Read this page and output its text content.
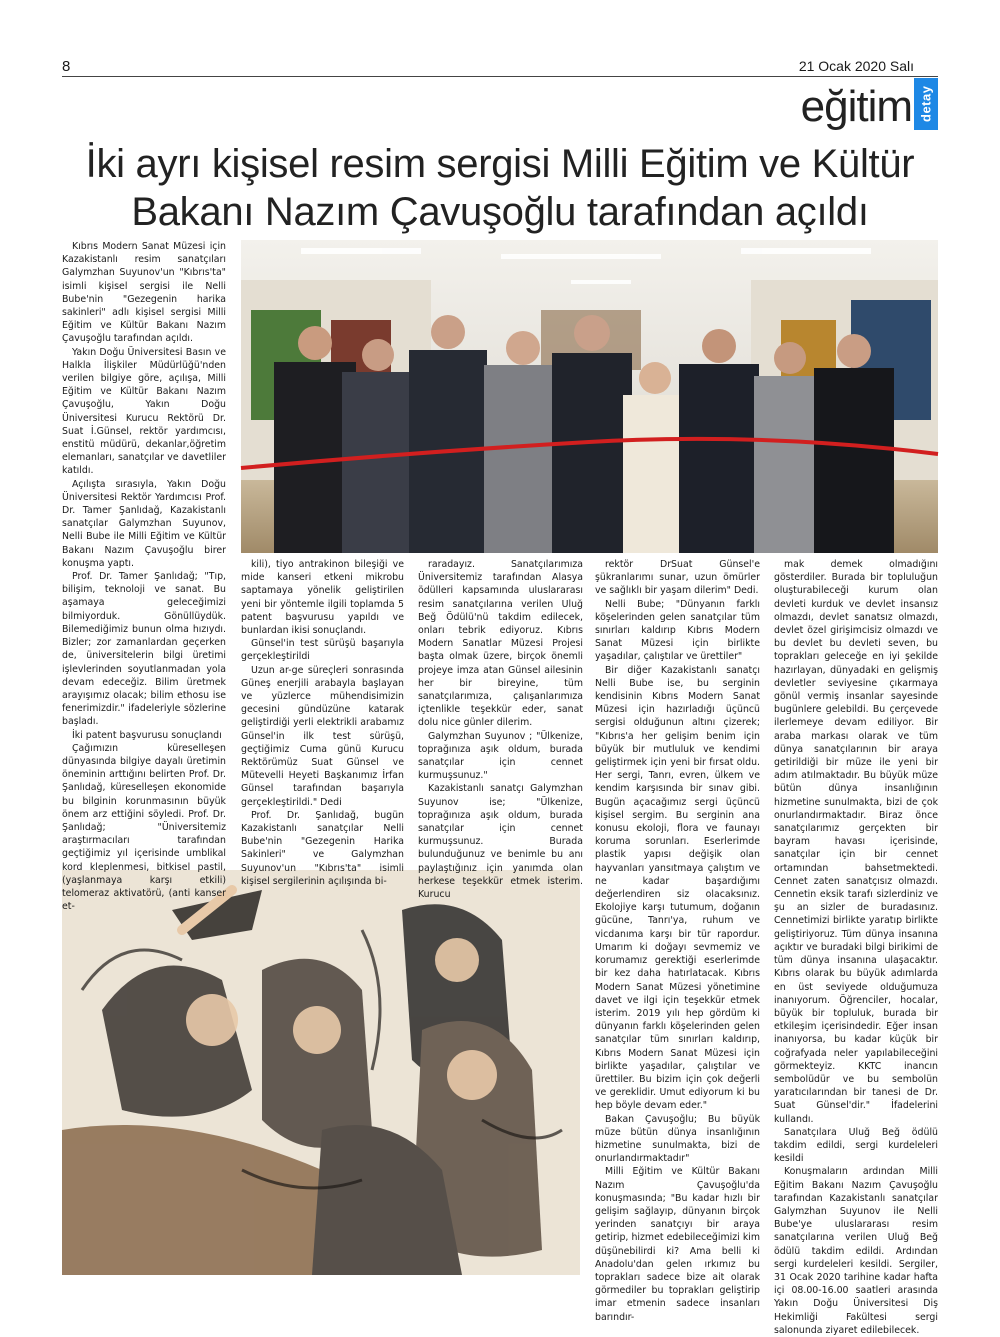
8	21 Ocak 2020 Salı
eğitim detay
İki ayrı kişisel resim sergisi Milli Eğitim ve Kültür
Bakanı Nazım Çavuşoğlu tarafından açıldı

Kıbrıs Modern Sanat Müzesi için Kazakistanlı resim sanatçıları Galymzhan Suyunov'un "Kıbrıs'ta" isimli kişisel sergisi ile Nelli Bube'nin "Gezegenin harika sakinleri" adlı kişisel sergisi Milli Eğitim ve Kültür Bakanı Nazım Çavuşoğlu tarafından açıldı.

Yakın Doğu Üniversitesi Basın ve Halkla İlişkiler Müdürlüğü'nden verilen bilgiye göre, açılışa, Milli Eğitim ve Kültür Bakanı Nazım Çavuşoğlu, Yakın Doğu Üniversitesi Kurucu Rektörü Dr. Suat İ.Günsel, rektör yardımcısı, enstitü müdürü, dekanlar,öğretim elemanları, sanatçılar ve davetliler katıldı.

Açılışta sırasıyla, Yakın Doğu Üniversitesi Rektör Yardımcısı Prof. Dr. Tamer Şanlıdağ, Kazakistanlı sanatçılar Galymzhan Suyunov, Nelli Bube ile Milli Eğitim ve Kültür Bakanı Nazım Çavuşoğlu birer konuşma yaptı.

Prof. Dr. Tamer Şanlıdağ; "Tıp, bilişim, teknoloji ve sanat. Bu aşamaya geleceğimizi bilmiyorduk. Gönüllüydük. Bilemediğimiz bunun olma hızıydı. Bizler; zor zamanlardan geçerken de, üniversitelerin bilgi üretimi işlevlerinden soyutlanmadan yola devam edeceğiz. Bilim üretmek arayışımız olacak; bilim ethosu ise fenerimizdir." ifadeleriyle sözlerine başladı.

İki patent başvurusu sonuçlandı

Çağımızın küreselleşen dünyasında bilgiye dayalı üretimin öneminin arttığını belirten Prof. Dr. Şanlıdağ, küreselleşen ekonomide bu bilginin korunmasının büyük önem arz ettiğini söyledi. Prof. Dr. Şanlıdağ; "Üniversitemiz araştırmacıları tarafından geçtiğimiz yıl içerisinde umblikal kord kleplenmesi, bitkisel pastil, (yaşlanmaya karşı etkili) telomeraz aktivatörü, (anti kanser et-

kili), tiyo antrakinon bileşiği ve mide kanseri etkeni mikrobu saptamaya yönelik geliştirilen yeni bir yöntemle ilgili toplamda 5 patent başvurusu yapıldı ve bunlardan ikisi sonuçlandı.

Günsel'in test sürüşü başarıyla gerçekleştirildi

Uzun ar-ge süreçleri sonrasında Güneş enerjili arabayla başlayan ve yüzlerce mühendisimizin gecesini gündüzüne katarak geliştirdiği yerli elektrikli arabamız Günsel'in ilk test sürüşü, geçtiğimiz Cuma günü Kurucu Rektörümüz Suat Günsel ve Mütevelli Heyeti Başkanımız İrfan Günsel tarafından başarıyla gerçekleştirildi." Dedi

Prof. Dr. Şanlıdağ, bugün Kazakistanlı sanatçılar Nelli Bube'nin "Gezegenin Harika Sakinleri" ve Galymzhan Suyunov'un "Kıbrıs'ta" isimli kişisel sergilerinin açılışında bi-

raradayız. Sanatçılarımıza Üniversitemiz tarafından Alasya ödülleri kapsamında uluslararası resim sanatçılarına verilen Uluğ Beğ Ödülü'nü takdim edilecek, onları tebrik ediyoruz. Kıbrıs Modern Sanatlar Müzesi Projesi başta olmak üzere, birçok önemli projeye imza atan Günsel ailesinin her bir bireyine, tüm sanatçılarımıza, çalışanlarımıza içtenlikle teşekkür eder, sanat dolu nice günler dilerim.

Galymzhan Suyunov ; "Ülkenize, toprağınıza aşık oldum, burada sanatçılar için cennet kurmuşsunuz."

Kazakistanlı sanatçı Galymzhan Suyunov ise; "Ülkenize, toprağınıza aşık oldum, burada sanatçılar için cennet kurmuşsunuz. Burada bulunduğunuz ve benimle bu anı paylaştığınız için yanımda olan herkese teşekkür etmek isterim. Kurucu

rektör DrSuat Günsel'e şükranlarımı sunar, uzun ömürler ve sağlıklı bir yaşam dilerim" Dedi.

Nelli Bube; "Dünyanın farklı köşelerinden gelen sanatçılar tüm sınırları kaldırıp Kıbrıs Modern Sanat Müzesi için birlikte yaşadılar, çalıştılar ve ürettiler"

Bir diğer Kazakistanlı sanatçı Nelli Bube ise, bu serginin kendisinin Kıbrıs Modern Sanat Müzesi için hazırladığı üçüncü sergisi olduğunun altını çizerek; "Kıbrıs'a her gelişim benim için büyük bir mutluluk ve kendimi geliştirmek için yeni bir fırsat oldu. Her sergi, Tanrı, evren, ülkem ve kendim karşısında bir sınav gibi. Bugün açacağımız sergi üçüncü kişisel sergim. Bu serginin ana konusu ekoloji, flora ve faunayı koruma sorunları. Eserlerimde plastik yapısı değişik olan hayvanları yansıtmaya çalıştım ve ne kadar başardığımı değerlendiren siz olacaksınız. Ekolojiye karşı tutumum, doğanın gücüne, Tanrı'ya, ruhum ve vicdanıma karşı bir tür rapordur. Umarım ki doğayı sevmemiz ve korumamız gerektiği eserlerimde bir kez daha hatırlatacak. Kıbrıs Modern Sanat Müzesi yönetimine davet ve ilgi için teşekkür etmek isterim. 2019 yılı hep gördüm ki dünyanın farklı köşelerinden gelen sanatçılar tüm sınırları kaldırıp, Kıbrıs Modern Sanat Müzesi için birlikte yaşadılar, çalıştılar ve ürettiler. Bu bizim için çok değerli ve gereklidir. Umut ediyorum ki bu hep böyle devam eder."

Bakan Çavuşoğlu; Bu büyük müze bütün dünya insanlığının hizmetine sunulmakta, bizi de onurlandırmaktadır"

Milli Eğitim ve Kültür Bakanı Nazım Çavuşoğlu'da konuşmasında; "Bu kadar hızlı bir gelişim sağlayıp, dünyanın birçok yerinden sanatçıyı bir araya getirip, hizmet edebileceğimizi kim düşünebilirdi ki? Ama belli ki Anadolu'dan gelen ırkımız bu toprakları sadece bize ait olarak görmediler bu toprakları geliştirip imar etmenin sadece insanları barındır-

mak demek olmadığını gösterdiler. Burada bir topluluğun oluşturabileceği kurum olan devleti kurduk ve devlet insansız olmazdı, devlet sanatsız olmazdı, devlet özel girişimcisiz olmazdı ve bu devlet bu devleti seven, bu toprakları geleceğe en iyi şekilde hazırlayan, dünyadaki en gelişmiş devletler seviyesine çıkarmaya gönül vermiş insanlar sayesinde bugünlere gelebildi. Bu çerçevede ilerlemeye devam ediliyor. Bir araba markası olarak ve tüm dünya sanatçılarının bir araya getirildiği bir müze ile yeni bir adım atılmaktadır. Bu büyük müze bütün dünya insanlığının hizmetine sunulmakta, bizi de çok onurlandırmaktadır. Biraz önce sanatçılarımız gerçekten bir bayram havası içerisinde, sanatçılar için bir cennet ortamından bahsetmektedi. Cennet zaten sanatçısız olmazdı. Cennetin eksik tarafı sizlerdiniz ve şu an sizler de buradasınız. Cennetimizi birlikte yaratıp birlikte geliştiriyoruz. Tüm dünya insanına açıktır ve buradaki bilgi birikimi de tüm dünya insanına ulaşacaktır. Kıbrıs olarak bu büyük adımlarda en üst seviyede olduğumuza inanıyorum. Öğrenciler, hocalar, büyük bir topluluk, burada bir etkileşim içerisindedir. Eğer insan inanıyorsa, bu kadar küçük bir coğrafyada neler yapılabileceğini görmekteyiz. KKTC inancın sembolüdür ve bu sembolün yaratıcılarından bir tanesi de Dr. Suat Günsel'dir." İfadelerini kullandı.

Sanatçılara Uluğ Beğ ödülü takdim edildi, sergi kurdeleleri kesildi

Konuşmaların ardından Milli Eğitim Bakanı Nazım Çavuşoğlu tarafından Kazakistanlı sanatçılar Galymzhan Suyunov ile Nelli Bube'ye uluslararası resim sanatçılarına verilen Uluğ Beğ ödülü takdim edildi. Ardından sergi kurdeleleri kesildi. Sergiler, 31 Ocak 2020 tarihine kadar hafta içi 08.00-16.00 saatleri arasında Yakın Doğu Üniversitesi Diş Hekimliği Fakültesi sergi salonunda ziyaret edilebilecek.
